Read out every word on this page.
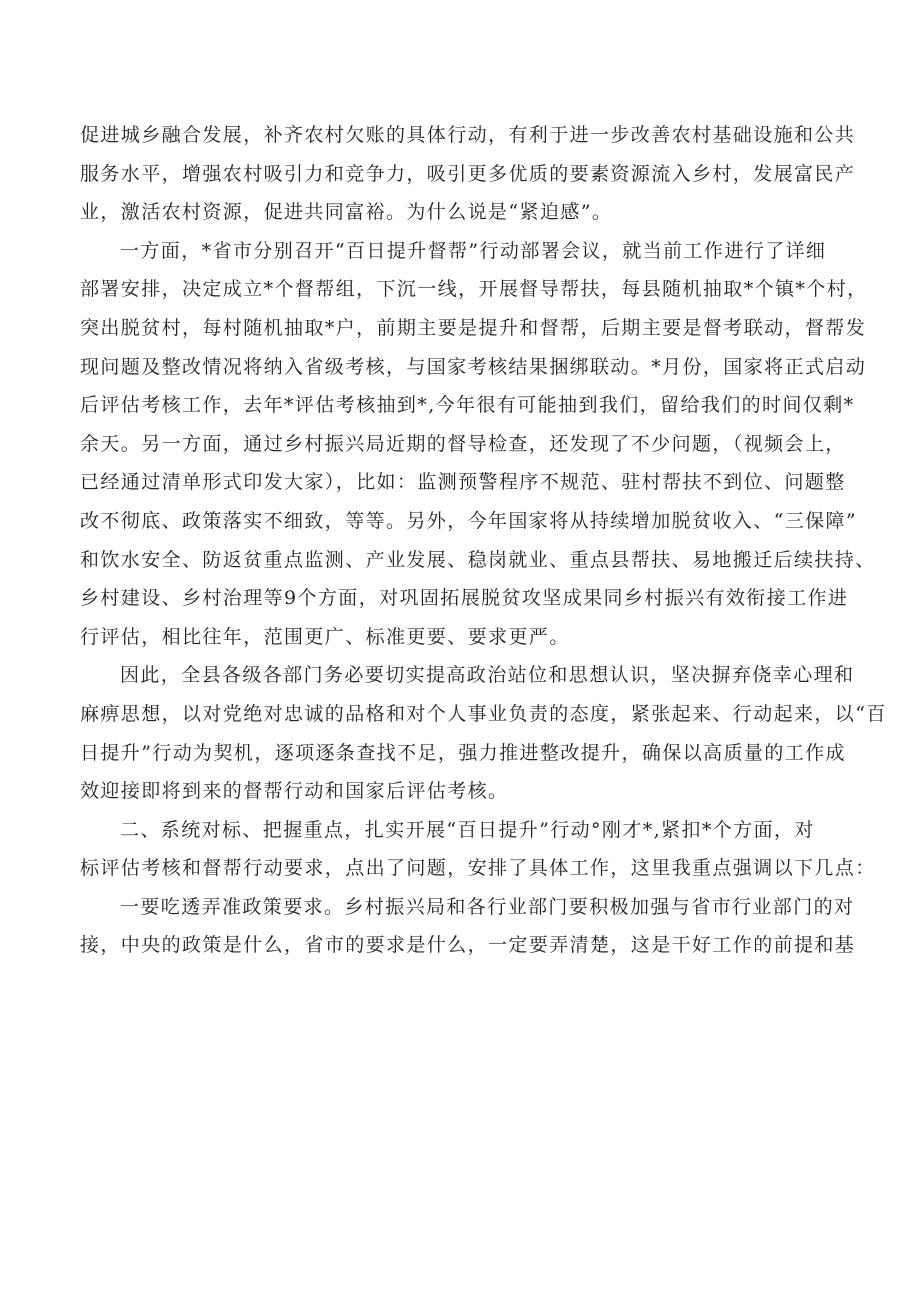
促进城乡融合发展，补齐农村欠账的具体行动，有利于进一步改善农村基础设施和公共
服务水平，增强农村吸引力和竞争力，吸引更多优质的要素资源流入乡村，发展富民产
业，激活农村资源，促进共同富裕。为什么说是“紧迫感”。
一方面，*省市分别召开“百日提升督帮”行动部署会议，就当前工作进行了详细
部署安排，决定成立*个督帮组，下沉一线，开展督导帮扶，每县随机抽取*个镇*个村，
突出脱贫村，每村随机抽取*户，前期主要是提升和督帮，后期主要是督考联动，督帮发
现问题及整改情况将纳入省级考核，与国家考核结果捆绑联动。*月份，国家将正式启动
后评估考核工作，去年*评估考核抽到*,今年很有可能抽到我们，留给我们的时间仅剩*
余天。另一方面，通过乡村振兴局近期的督导检查，还发现了不少问题，（视频会上，
已经通过清单形式印发大家），比如：监测预警程序不规范、驻村帮扶不到位、问题整
改不彻底、政策落实不细致，等等。另外，今年国家将从持续增加脱贫收入、“三保障”
和饮水安全、防返贫重点监测、产业发展、稳岗就业、重点县帮扶、易地搬迁后续扶持、
乡村建设、乡村治理等9个方面，对巩固拓展脱贫攻坚成果同乡村振兴有效衔接工作进
行评估，相比往年，范围更广、标准更要、要求更严。
因此，全县各级各部门务必要切实提高政治站位和思想认识，坚决摒弃侥幸心理和
麻痹思想，以对党绝对忠诚的品格和对个人事业负责的态度，紧张起来、行动起来，以“百
日提升”行动为契机，逐项逐条查找不足，强力推进整改提升，确保以高质量的工作成
效迎接即将到来的督帮行动和国家后评估考核。
二、系统对标、把握重点，扎实开展“百日提升”行动°刚才*,紧扣*个方面，对
标评估考核和督帮行动要求，点出了问题，安排了具体工作，这里我重点强调以下几点：
一要吃透弄准政策要求。乡村振兴局和各行业部门要积极加强与省市行业部门的对
接，中央的政策是什么，省市的要求是什么，一定要弄清楚，这是干好工作的前提和基
